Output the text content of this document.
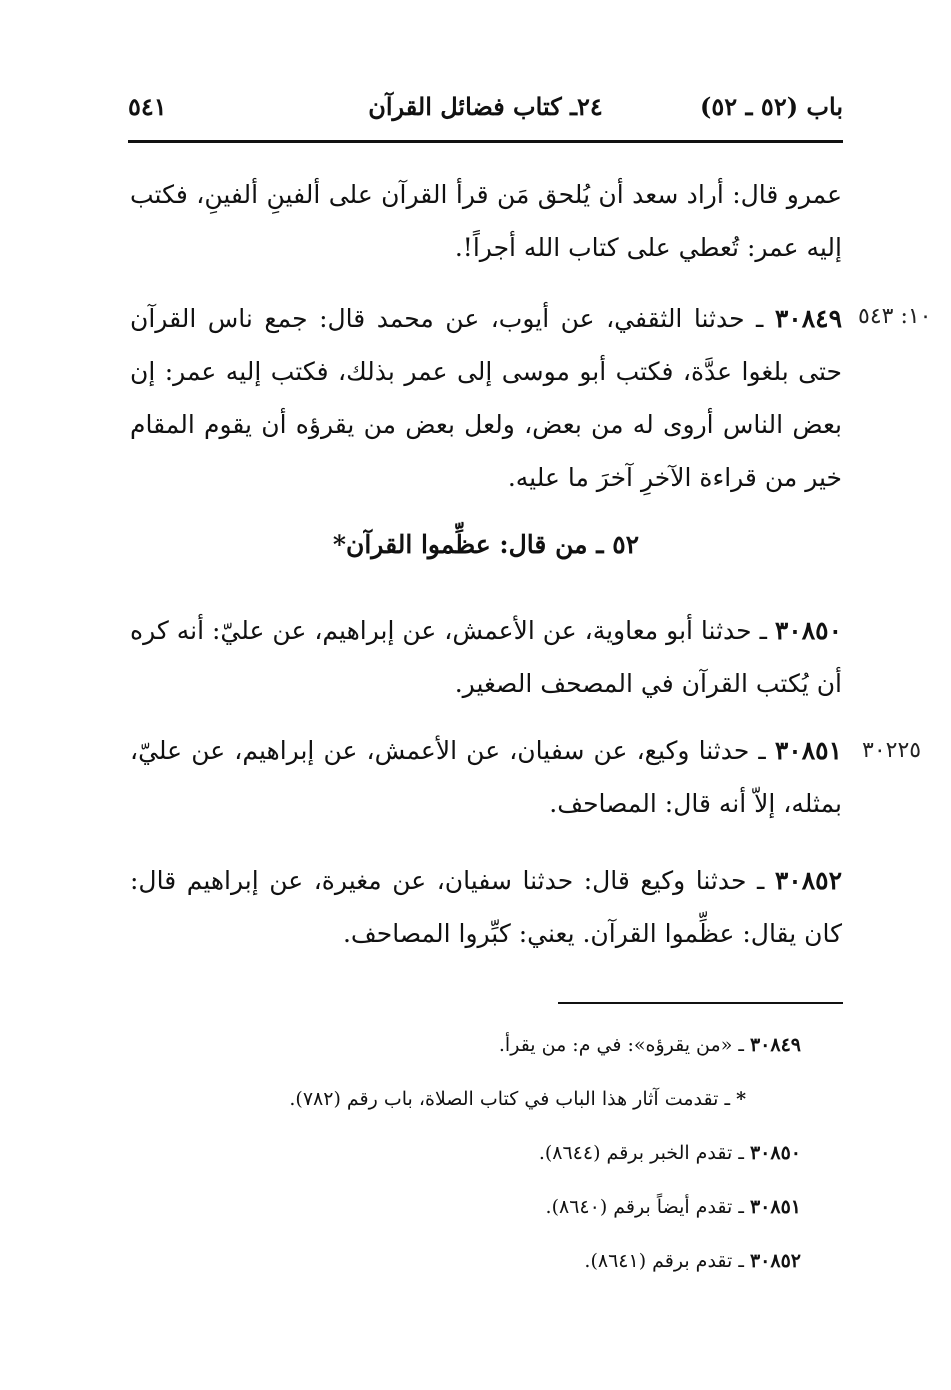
باب (٥٢ ـ ٥٢)
٢٤ـ كتاب فضائل القرآن
٥٤١
عمرو قال: أراد سعد أن يُلحق مَن قرأ القرآن على ألفينِ ألفينِ، فكتب إليه عمر: تُعطي على كتاب الله أجراً!.
١٠: ٥٤٣
٣٠٨٤٩ ـ حدثنا الثقفي، عن أيوب، عن محمد قال: جمع ناس القرآن حتى بلغوا عدَّة، فكتب أبو موسى إلى عمر بذلك، فكتب إليه عمر: إن بعض الناس أروى له من بعض، ولعل بعض من يقرؤه أن يقوم المقام خير من قراءة الآخرِ آخرَ ما عليه.
٥٢ ـ من قال: عظِّموا القرآن*
٣٠٨٥٠ ـ حدثنا أبو معاوية، عن الأعمش، عن إبراهيم، عن عليّ: أنه كره أن يُكتب القرآن في المصحف الصغير.
٣٠٢٢٥
٣٠٨٥١ ـ حدثنا وكيع، عن سفيان، عن الأعمش، عن إبراهيم، عن عليّ، بمثله، إلاّ أنه قال: المصاحف.
٣٠٨٥٢ ـ حدثنا وكيع قال: حدثنا سفيان، عن مغيرة، عن إبراهيم قال: كان يقال: عظِّموا القرآن. يعني: كبِّروا المصاحف.
٣٠٨٤٩ ـ «من يقرؤه»: في م: من يقرأ.
* ـ تقدمت آثار هذا الباب في كتاب الصلاة، باب رقم (٧٨٢).
٣٠٨٥٠ ـ تقدم الخبر برقم (٨٦٤٤).
٣٠٨٥١ ـ تقدم أيضاً برقم (٨٦٤٠).
٣٠٨٥٢ ـ تقدم برقم (٨٦٤١).
